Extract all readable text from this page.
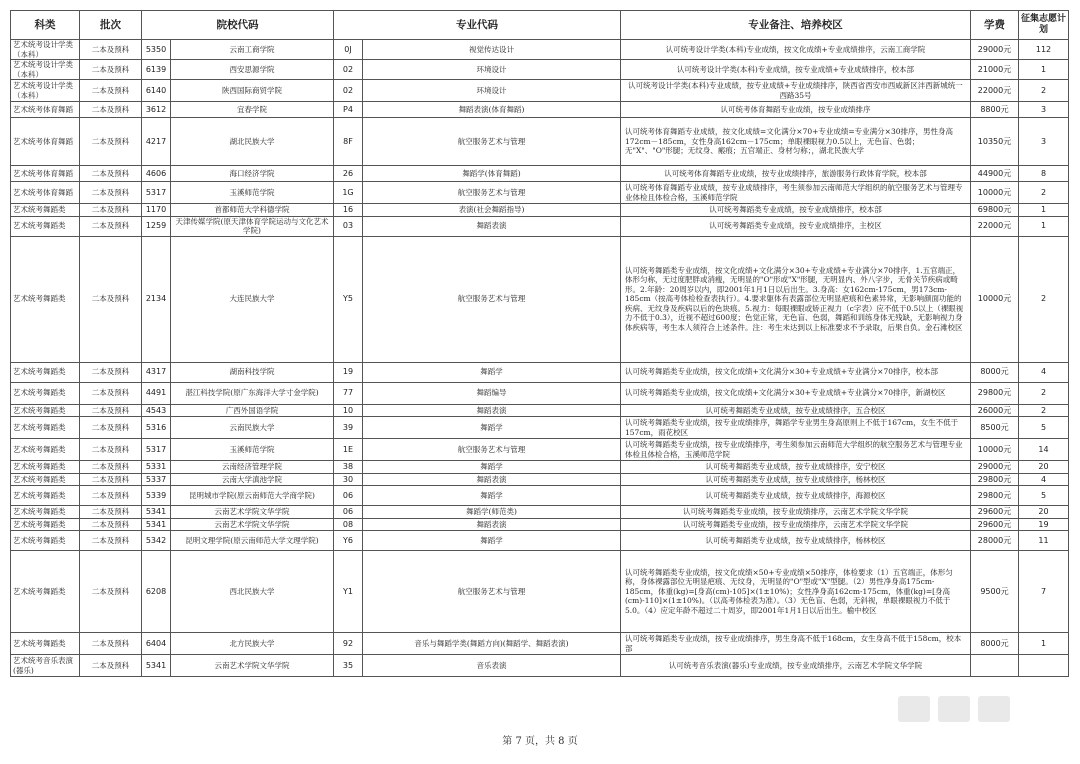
科类	批次	院校代码		专业代码		专业备注、培养校区	学费	征集志愿计划
艺术统考设计学类（本科）	二本及预科	5350	云南工商学院	0J	视觉传达设计	认可统考设计学类(本科)专业成绩，按文化成绩+专业成绩排序，云南工商学院	29000元	112
艺术统考设计学类（本科）	二本及预科	6139	西安思源学院	02	环境设计	认可统考设计学类(本科)专业成绩，按专业成绩+专业成绩排序，校本部	21000元	1
艺术统考设计学类（本科）	二本及预科	6140	陕西国际商贸学院	02	环境设计	认可统考设计学类(本科)专业成绩，按专业成绩+专业成绩排序，陕西省西安市西咸新区沣西新城统一西路35号	22000元	2
艺术统考体育舞蹈	二本及预科	3612	宜春学院	P4	舞蹈表演(体育舞蹈)	认可统考体育舞蹈专业成绩，按专业成绩排序	8800元	3
艺术统考体育舞蹈	二本及预科	4217	湖北民族大学	8F	航空服务艺术与管理	认可统考体育舞蹈专业成绩，按文化成绩=文化满分×70+专业成绩=专业满分×30排序，男性身高172cm－185cm，女性身高162cm－175cm；单眼裸眼视力0.5以上，无色盲、色弱；无"X"、"O"形腿；无纹身、瘢痕；五官端正、身材匀称；，湖北民族大学	10350元	3
艺术统考体育舞蹈	二本及预科	4606	海口经济学院	26	舞蹈学(体育舞蹈)	认可统考体育舞蹈专业成绩，按专业成绩排序，旅游服务行政体育学院，校本部	44900元	8
艺术统考体育舞蹈	二本及预科	5317	玉溪师范学院	1G	航空服务艺术与管理	认可统考体育舞蹈专业成绩，按专业成绩排序，考生须参加云南师范大学组织的航空服务艺术与管理专业体检且体检合格，玉溪师范学院	10000元	2
艺术统考舞蹈类	二本及预科	1170	首都师范大学科德学院	16	表演(社会舞蹈指导)	认可统考舞蹈类专业成绩，按专业成绩排序，校本部	69800元	1
艺术统考舞蹈类	二本及预科	1259	天津传媒学院(原天津体育学院运动与文化艺术学院)	03	舞蹈表演	认可统考舞蹈类专业成绩，按专业成绩排序，主校区	22000元	1
艺术统考舞蹈类	二本及预科	2134	大连民族大学	Y5	航空服务艺术与管理	认可统考舞蹈类专业成绩，按文化成绩+文化满分×30+专业成绩+专业满分×70排序，1.五官端正，体形匀称，无过度肥胖或消瘦，无明显的"O"形或"X"形腿，无明显内、外八字步，无骨关节疾病或畸形。2.年龄：20周岁以内，即2001年1月1日以后出生。3.身高：女162cm-175cm，男173cm-185cm（按高考体检检查表执行）。4.要求躯体有表露部位无明显疤痕和色素异常，无影响颜面功能的疾病、无纹身及疾病以后的色块痕。5.视力：每眼裸眼或矫正视力（c字表）应不低于0.5以上（裸眼视力不低于0.3），近视不超过600度；色觉正常，无色盲、色弱，舞蹈和训练身体无残缺，无影响视力身体疾病等，考生本人须符合上述条件。注：考生未达到以上标准要求不予录取，后果自负。金石滩校区	10000元	2
艺术统考舞蹈类	二本及预科	4317	湖南科技学院	19	舞蹈学	认可统考舞蹈类专业成绩，按文化成绩+文化满分×30+专业成绩+专业满分×70排序，校本部	8000元	4
艺术统考舞蹈类	二本及预科	4491	湛江科技学院(原广东海洋大学寸金学院)	77	舞蹈编导	认可统考舞蹈类专业成绩，按文化成绩+文化满分×30+专业成绩+专业满分×70排序，新湖校区	29800元	2
艺术统考舞蹈类	二本及预科	4543	广西外国语学院	10	舞蹈表演	认可统考舞蹈类专业成绩，按专业成绩排序，五合校区	26000元	2
艺术统考舞蹈类	二本及预科	5316	云南民族大学	39	舞蹈学	认可统考舞蹈类专业成绩，按专业成绩排序，舞蹈学专业男生身高原则上不低于167cm，女生不低于157cm，雨花校区	8500元	5
艺术统考舞蹈类	二本及预科	5317	玉溪师范学院	1E	航空服务艺术与管理	认可统考舞蹈类专业成绩，按专业成绩排序，考生须参加云南师范大学组织的航空服务艺术与管理专业体检且体检合格，玉溪师范学院	10000元	14
艺术统考舞蹈类	二本及预科	5331	云南经济管理学院	38	舞蹈学	认可统考舞蹈类专业成绩，按专业成绩排序，安宁校区	29000元	20
艺术统考舞蹈类	二本及预科	5337	云南大学滇池学院	30	舞蹈表演	认可统考舞蹈类专业成绩，按专业成绩排序，杨林校区	29800元	4
艺术统考舞蹈类	二本及预科	5339	昆明城市学院(原云南师范大学商学院)	06	舞蹈学	认可统考舞蹈类专业成绩，按专业成绩排序，海源校区	29800元	5
艺术统考舞蹈类	二本及预科	5341	云南艺术学院文华学院	06	舞蹈学(师范类)	认可统考舞蹈类专业成绩，按专业成绩排序，云南艺术学院文华学院	29600元	20
艺术统考舞蹈类	二本及预科	5341	云南艺术学院文华学院	08	舞蹈表演	认可统考舞蹈类专业成绩，按专业成绩排序，云南艺术学院文华学院	29600元	19
艺术统考舞蹈类	二本及预科	5342	昆明文理学院(原云南师范大学文理学院)	Y6	舞蹈学	认可统考舞蹈类专业成绩，按专业成绩排序，杨林校区	28000元	11
艺术统考舞蹈类	二本及预科	6208	西北民族大学	Y1	航空服务艺术与管理	认可统考舞蹈类专业成绩，按文化成绩×50+专业成绩×50排序，体检要求（1）五官端正，体形匀称，身体裸露部位无明显疤痕、无纹身，无明显的"O"型或"X"型腿。（2）男性净身高175cm-185cm，体重(kg)=[身高(cm)-105]×(1±10%)；女性净身高162cm-175cm，体重(kg)=[身高(cm)-110]×(1±10%)。（以高考体检表为准）。（3）无色盲、色弱，无斜视，单眼裸眼视力不低于5.0。（4）应定年龄不超过二十周岁，即2001年1月1日以后出生。榆中校区	9500元	7
艺术统考舞蹈类	二本及预科	6404	北方民族大学	92	音乐与舞蹈学类(舞蹈方向)(舞蹈学、舞蹈表演)	认可统考舞蹈类专业成绩，按专业成绩排序，男生身高不低于168cm，女生身高不低于158cm，校本部	8000元	1
艺术统考音乐表演(器乐)	二本及预科	5341	云南艺术学院文华学院	35	音乐表演	认可统考音乐表演(器乐)专业成绩，按专业成绩排序，云南艺术学院文华学院		
第 7 页，共 8 页
